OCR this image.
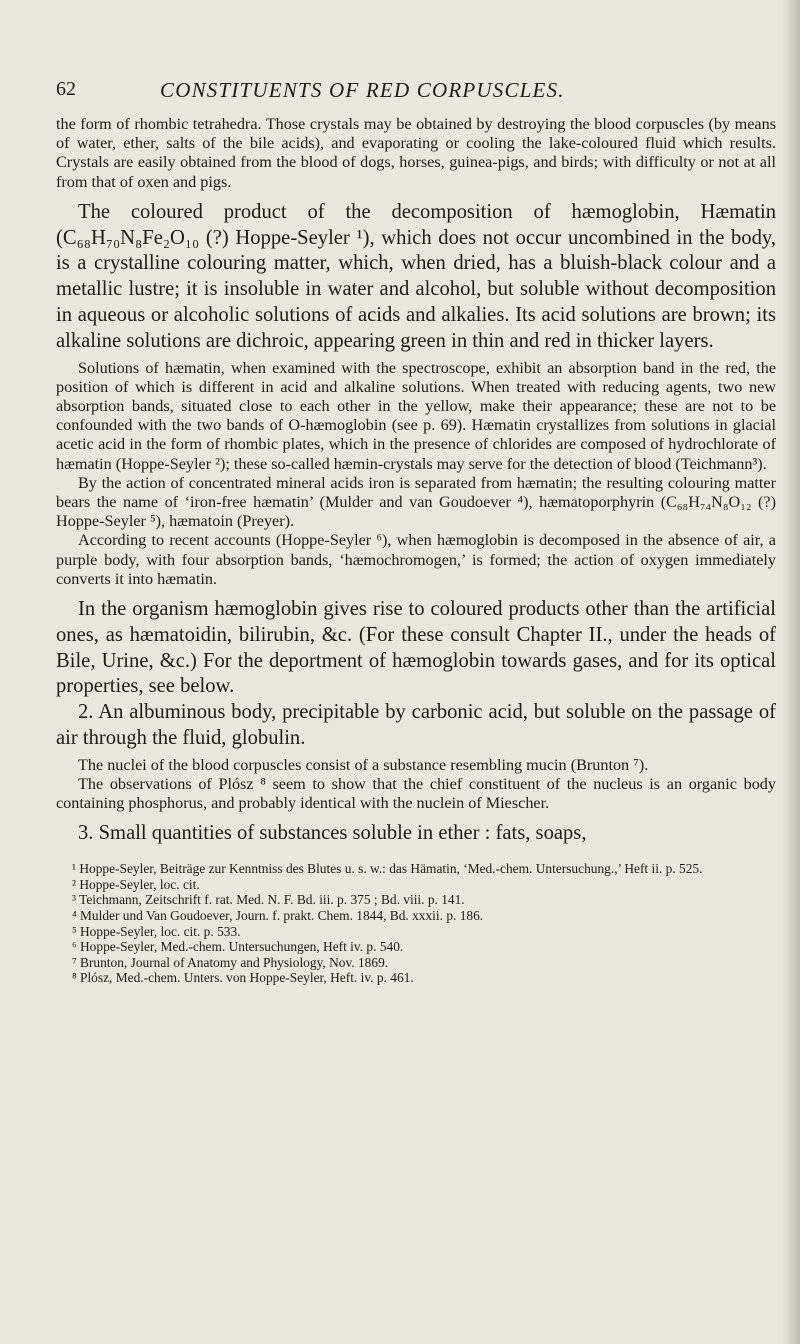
62	CONSTITUENTS OF RED CORPUSCLES.

the form of rhombic tetrahedra. Those crystals may be obtained by destroying the blood corpuscles (by means of water, ether, salts of the bile acids), and evaporating or cooling the lake-coloured fluid which results. Crystals are easily obtained from the blood of dogs, horses, guinea-pigs, and birds; with difficulty or not at all from that of oxen and pigs.

The coloured product of the decomposition of hæmoglobin, Hæmatin (C₆₈H₇₀N₈Fe₂O₁₀ (?) Hoppe-Seyler ¹), which does not occur uncombined in the body, is a crystalline colouring matter, which, when dried, has a bluish-black colour and a metallic lustre; it is insoluble in water and alcohol, but soluble without decomposition in aqueous or alcoholic solutions of acids and alkalies. Its acid solutions are brown; its alkaline solutions are dichroic, appearing green in thin and red in thicker layers.

Solutions of hæmatin, when examined with the spectroscope, exhibit an absorption band in the red, the position of which is different in acid and alkaline solutions. When treated with reducing agents, two new absorption bands, situated close to each other in the yellow, make their appearance; these are not to be confounded with the two bands of O-hæmoglobin (see p. 69). Hæmatin crystallizes from solutions in glacial acetic acid in the form of rhombic plates, which in the presence of chlorides are composed of hydrochlorate of hæmatin (Hoppe-Seyler ²); these so-called hæmin-crystals may serve for the detection of blood (Teichmann³).

By the action of concentrated mineral acids iron is separated from hæmatin; the resulting colouring matter bears the name of ‘iron-free hæmatin’ (Mulder and van Goudoever ⁴), hæmatoporphyrin (C₆₈H₇₄N₈O₁₂ (?) Hoppe-Seyler ⁵), hæmatoin (Preyer).

According to recent accounts (Hoppe-Seyler ⁶), when hæmoglobin is decomposed in the absence of air, a purple body, with four absorption bands, ‘hæmochromogen,’ is formed; the action of oxygen immediately converts it into hæmatin.

In the organism hæmoglobin gives rise to coloured products other than the artificial ones, as hæmatoidin, bilirubin, &c. (For these consult Chapter II., under the heads of Bile, Urine, &c.) For the deportment of hæmoglobin towards gases, and for its optical properties, see below.

2. An albuminous body, precipitable by carbonic acid, but soluble on the passage of air through the fluid, globulin.

The nuclei of the blood corpuscles consist of a substance resembling mucin (Brunton ⁷).

The observations of Plósz ⁸ seem to show that the chief constituent of the nucleus is an organic body containing phosphorus, and probably identical with the nuclein of Miescher.

3. Small quantities of substances soluble in ether : fats, soaps,

¹ Hoppe-Seyler, Beiträge zur Kenntniss des Blutes u. s. w.: das Hämatin, ‘Med.-chem. Untersuchung.,’ Heft ii. p. 525.
² Hoppe-Seyler, loc. cit.
³ Teichmann, Zeitschrift f. rat. Med. N. F. Bd. iii. p. 375 ; Bd. viii. p. 141.
⁴ Mulder und Van Goudoever, Journ. f. prakt. Chem. 1844, Bd. xxxii. p. 186.
⁵ Hoppe-Seyler, loc. cit. p. 533.
⁶ Hoppe-Seyler, Med.-chem. Untersuchungen, Heft iv. p. 540.
⁷ Brunton, Journal of Anatomy and Physiology, Nov. 1869.
⁸ Plósz, Med.-chem. Unters. von Hoppe-Seyler, Heft. iv. p. 461.
